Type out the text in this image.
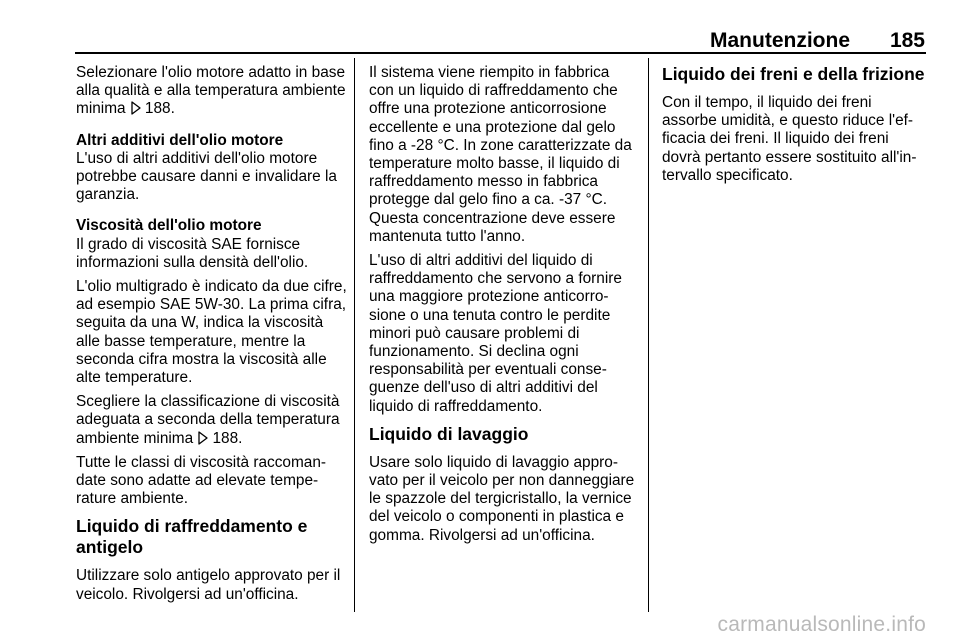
Manutenzione	185

Selezionare l'olio motore adatto in base alla qualità e alla temperatura ambiente minima 188.

Altri additivi dell'olio motore

L'uso di altri additivi dell'olio motore potrebbe causare danni e invalidare la garanzia.

Viscosità dell'olio motore

Il grado di viscosità SAE fornisce informazioni sulla densità dell'olio.

L'olio multigrado è indicato da due cifre, ad esempio SAE 5W-30. La prima cifra, seguita da una W, indica la viscosità alle basse temperature, mentre la seconda cifra mostra la viscosità alle alte temperature.

Scegliere la classificazione di viscosità adeguata a seconda della temperatura ambiente minima 188.

Tutte le classi di viscosità raccomandate sono adatte ad elevate temperature ambiente.

Liquido di raffreddamento e antigelo

Utilizzare solo antigelo approvato per il veicolo. Rivolgersi ad un'officina.

Il sistema viene riempito in fabbrica con un liquido di raffreddamento che offre una protezione anticorrosione eccellente e una protezione dal gelo fino a -28 °C. In zone caratterizzate da temperature molto basse, il liquido di raffreddamento messo in fabbrica protegge dal gelo fino a ca. -37 °C. Questa concentrazione deve essere mantenuta tutto l'anno.

L'uso di altri additivi del liquido di raffreddamento che servono a fornire una maggiore protezione anticorrosione o una tenuta contro le perdite minori può causare problemi di funzionamento. Si declina ogni responsabilità per eventuali conseguenze dell'uso di altri additivi del liquido di raffreddamento.

Liquido di lavaggio

Usare solo liquido di lavaggio approvato per il veicolo per non danneggiare le spazzole del tergicristallo, la vernice del veicolo o componenti in plastica e gomma. Rivolgersi ad un'officina.

Liquido dei freni e della frizione

Con il tempo, il liquido dei freni assorbe umidità, e questo riduce l'efficacia dei freni. Il liquido dei freni dovrà pertanto essere sostituito all'intervallo specificato.

carmanualsonline.info
